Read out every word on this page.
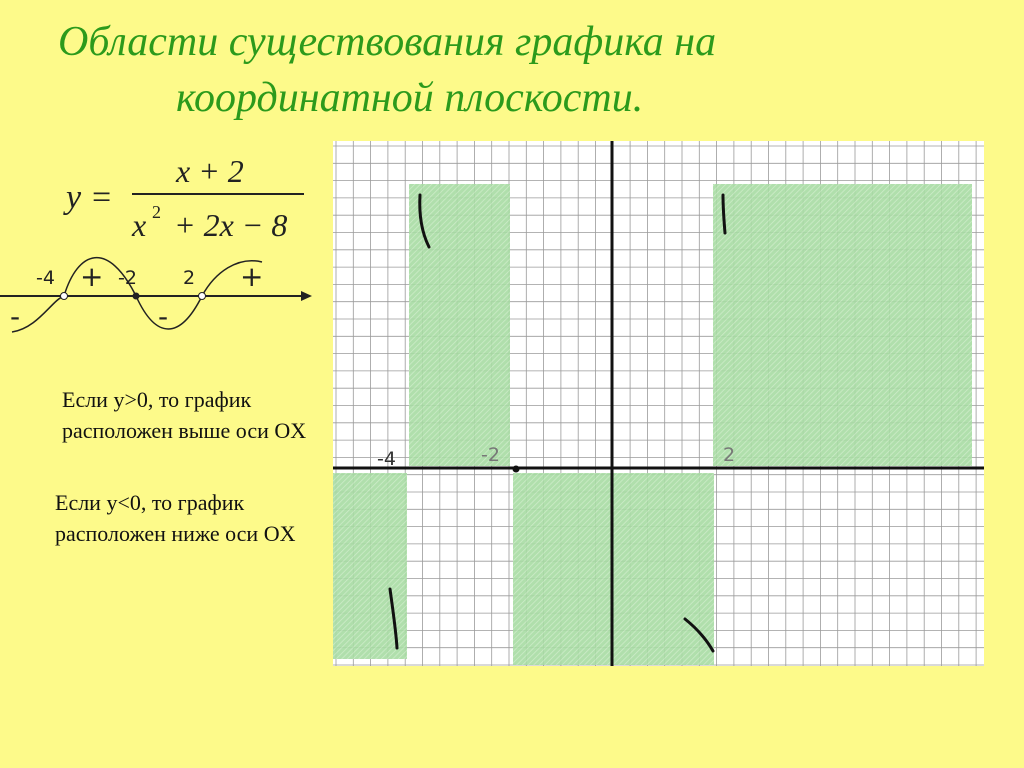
Области существования графика на
координатной плоскости.
y =
x + 2
x 2 + 2x − 8
-4	-2 2
-
+
-
+
Если y>0, то график расположен выше оси OX
Если y<0, то график расположен ниже оси OX
-4	-2	2
